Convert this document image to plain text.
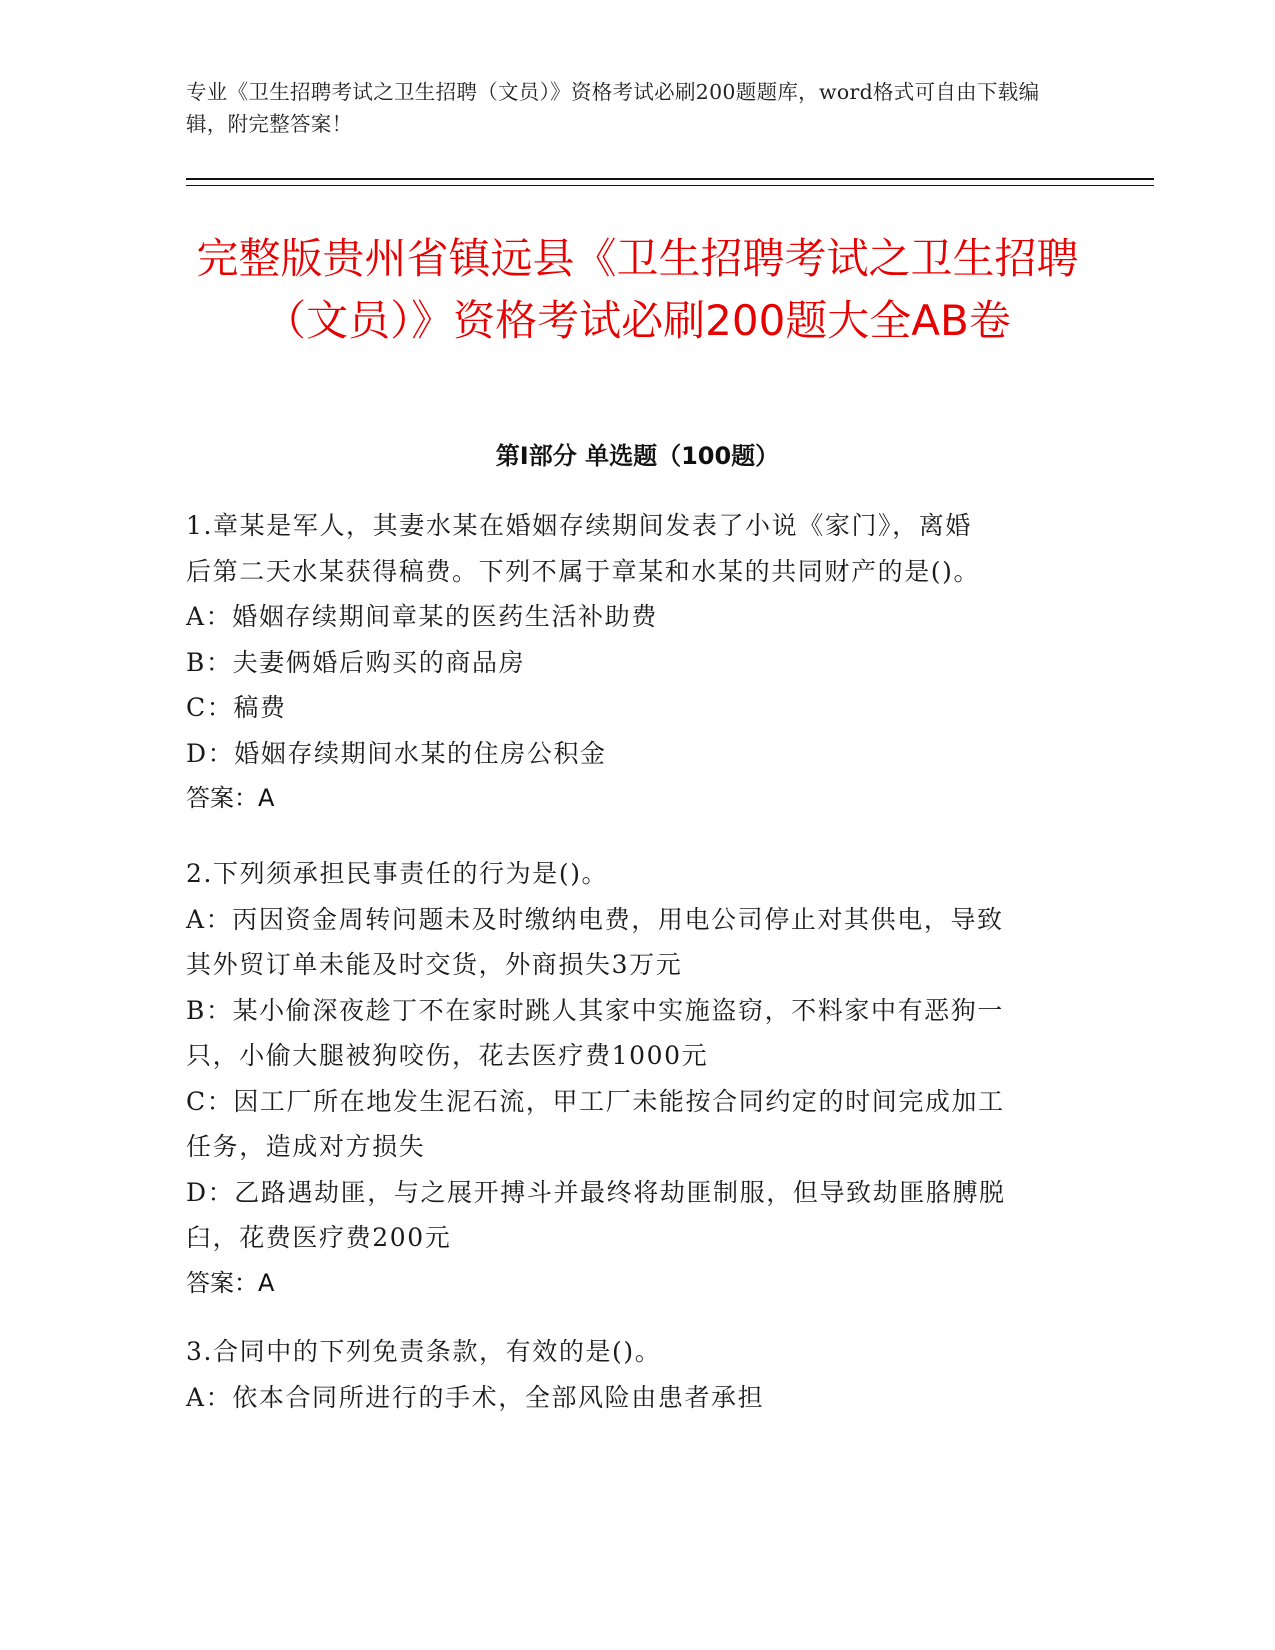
专业《卫生招聘考试之卫生招聘（文员）》资格考试必刷200题题库，word格式可自由下载编辑，附完整答案！
完整版贵州省镇远县《卫生招聘考试之卫生招聘（文员）》资格考试必刷200题大全AB卷
第Ⅰ部分 单选题（100题）
1.章某是军人，其妻水某在婚姻存续期间发表了小说《家门》，离婚
后第二天水某获得稿费。下列不属于章某和水某的共同财产的是()。
A：婚姻存续期间章某的医药生活补助费
B：夫妻俩婚后购买的商品房
C：稿费
D：婚姻存续期间水某的住房公积金
答案：A
2.下列须承担民事责任的行为是()。
A：丙因资金周转问题未及时缴纳电费，用电公司停止对其供电，导致
其外贸订单未能及时交货，外商损失3万元
B：某小偷深夜趁丁不在家时跳人其家中实施盗窃，不料家中有恶狗一
只，小偷大腿被狗咬伤，花去医疗费1000元
C：因工厂所在地发生泥石流，甲工厂未能按合同约定的时间完成加工
任务，造成对方损失
D：乙路遇劫匪，与之展开搏斗并最终将劫匪制服，但导致劫匪胳膊脱
臼，花费医疗费200元
答案：A
3.合同中的下列免责条款，有效的是()。
A：依本合同所进行的手术，全部风险由患者承担
